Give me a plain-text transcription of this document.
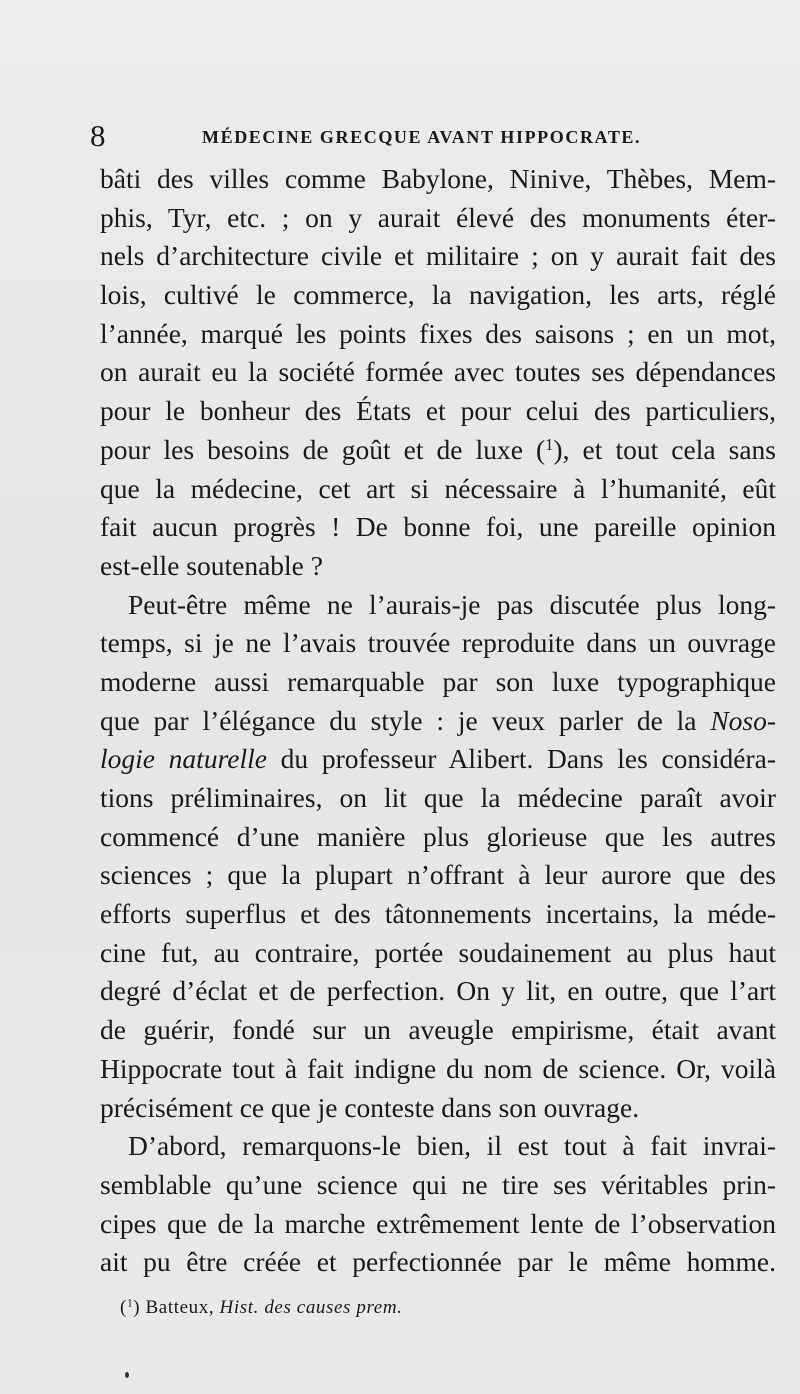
8	MÉDECINE GRECQUE AVANT HIPPOCRATE.
bâti des villes comme Babylone, Ninive, Thèbes, Mem-
phis, Tyr, etc. ; on y aurait élevé des monuments éter-
nels d’architecture civile et militaire ; on y aurait fait des
lois, cultivé le commerce, la navigation, les arts, réglé
l’année, marqué les points fixes des saisons ; en un mot,
on aurait eu la société formée avec toutes ses dépendances
pour le bonheur des États et pour celui des particuliers,
pour les besoins de goût et de luxe ($^1$), et tout cela sans
que la médecine, cet art si nécessaire à l’humanité, eût
fait aucun progrès ! De bonne foi, une pareille opinion
est-elle soutenable ?
Peut-être même ne l’aurais-je pas discutée plus long-
temps, si je ne l’avais trouvée reproduite dans un ouvrage
moderne aussi remarquable par son luxe typographique
que par l’élégance du style : je veux parler de la Noso-
logie naturelle du professeur Alibert. Dans les considéra-
tions préliminaires, on lit que la médecine paraît avoir
commencé d’une manière plus glorieuse que les autres
sciences ; que la plupart n’offrant à leur aurore que des
efforts superflus et des tâtonnements incertains, la méde-
cine fut, au contraire, portée soudainement au plus haut
degré d’éclat et de perfection. On y lit, en outre, que l’art
de guérir, fondé sur un aveugle empirisme, était avant
Hippocrate tout à fait indigne du nom de science. Or, voilà
précisément ce que je conteste dans son ouvrage.
D’abord, remarquons-le bien, il est tout à fait invrai-
semblable qu’une science qui ne tire ses véritables prin-
cipes que de la marche extrêmement lente de l’observation
ait pu être créée et perfectionnée par le même homme.
($^1$) Batteux, Hist. des causes prem.
